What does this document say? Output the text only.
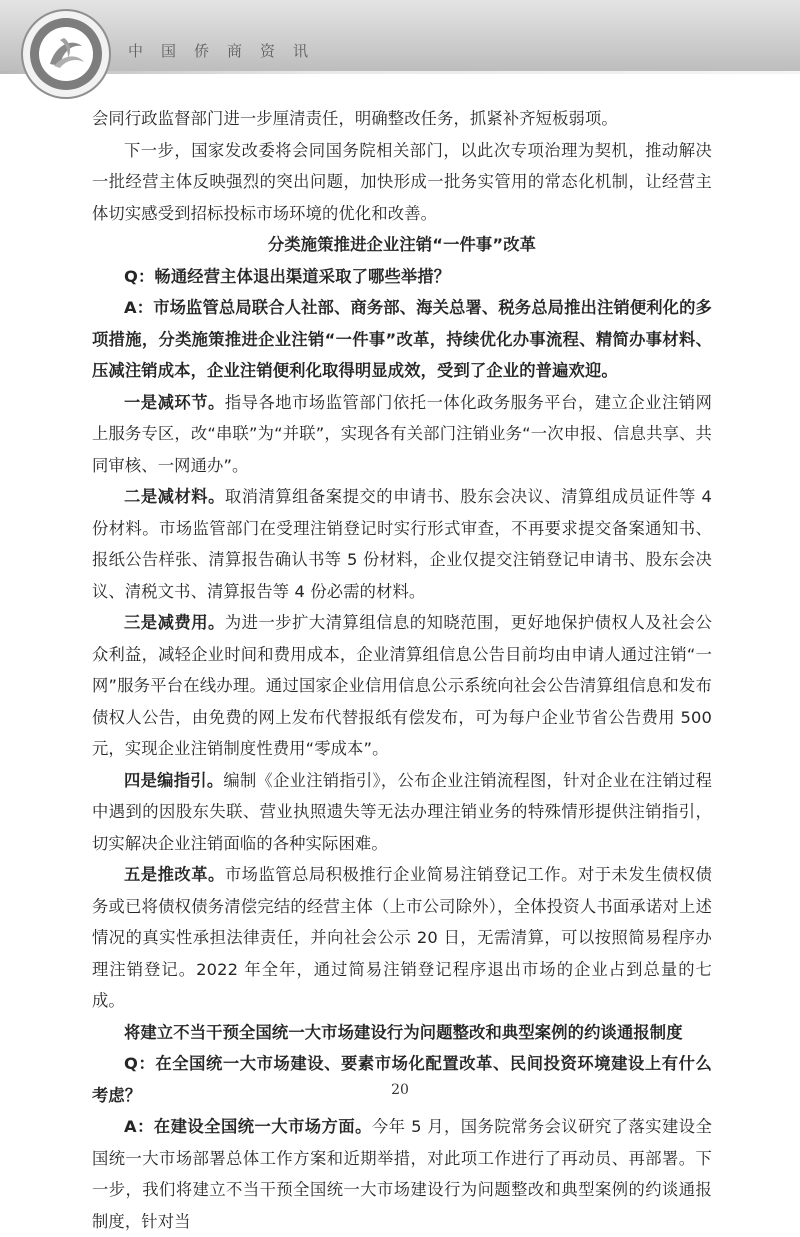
中国侨商资讯

会同行政监督部门进一步厘清责任，明确整改任务，抓紧补齐短板弱项。

下一步，国家发改委将会同国务院相关部门，以此次专项治理为契机，推动解决一批经营主体反映强烈的突出问题，加快形成一批务实管用的常态化机制，让经营主体切实感受到招标投标市场环境的优化和改善。

分类施策推进企业注销“一件事”改革

Q：畅通经营主体退出渠道采取了哪些举措？

A：市场监管总局联合人社部、商务部、海关总署、税务总局推出注销便利化的多项措施，分类施策推进企业注销“一件事”改革，持续优化办事流程、精简办事材料、压减注销成本，企业注销便利化取得明显成效，受到了企业的普遍欢迎。

一是减环节。指导各地市场监管部门依托一体化政务服务平台，建立企业注销网上服务专区，改“串联”为“并联”，实现各有关部门注销业务“一次申报、信息共享、共同审核、一网通办”。

二是减材料。取消清算组备案提交的申请书、股东会决议、清算组成员证件等 4 份材料。市场监管部门在受理注销登记时实行形式审查，不再要求提交备案通知书、报纸公告样张、清算报告确认书等 5 份材料，企业仅提交注销登记申请书、股东会决议、清税文书、清算报告等 4 份必需的材料。

三是减费用。为进一步扩大清算组信息的知晓范围，更好地保护债权人及社会公众利益，减轻企业时间和费用成本，企业清算组信息公告目前均由申请人通过注销“一网”服务平台在线办理。通过国家企业信用信息公示系统向社会公告清算组信息和发布债权人公告，由免费的网上发布代替报纸有偿发布，可为每户企业节省公告费用 500 元，实现企业注销制度性费用“零成本”。

四是编指引。编制《企业注销指引》，公布企业注销流程图，针对企业在注销过程中遇到的因股东失联、营业执照遗失等无法办理注销业务的特殊情形提供注销指引，切实解决企业注销面临的各种实际困难。

五是推改革。市场监管总局积极推行企业简易注销登记工作。对于未发生债权债务或已将债权债务清偿完结的经营主体（上市公司除外），全体投资人书面承诺对上述情况的真实性承担法律责任，并向社会公示 20 日，无需清算，可以按照简易程序办理注销登记。2022 年全年，通过简易注销登记程序退出市场的企业占到总量的七成。

将建立不当干预全国统一大市场建设行为问题整改和典型案例的约谈通报制度

Q：在全国统一大市场建设、要素市场化配置改革、民间投资环境建设上有什么考虑？

A：在建设全国统一大市场方面。今年 5 月，国务院常务会议研究了落实建设全国统一大市场部署总体工作方案和近期举措，对此项工作进行了再动员、再部署。下一步，我们将建立不当干预全国统一大市场建设行为问题整改和典型案例的约谈通报制度，针对当

20
